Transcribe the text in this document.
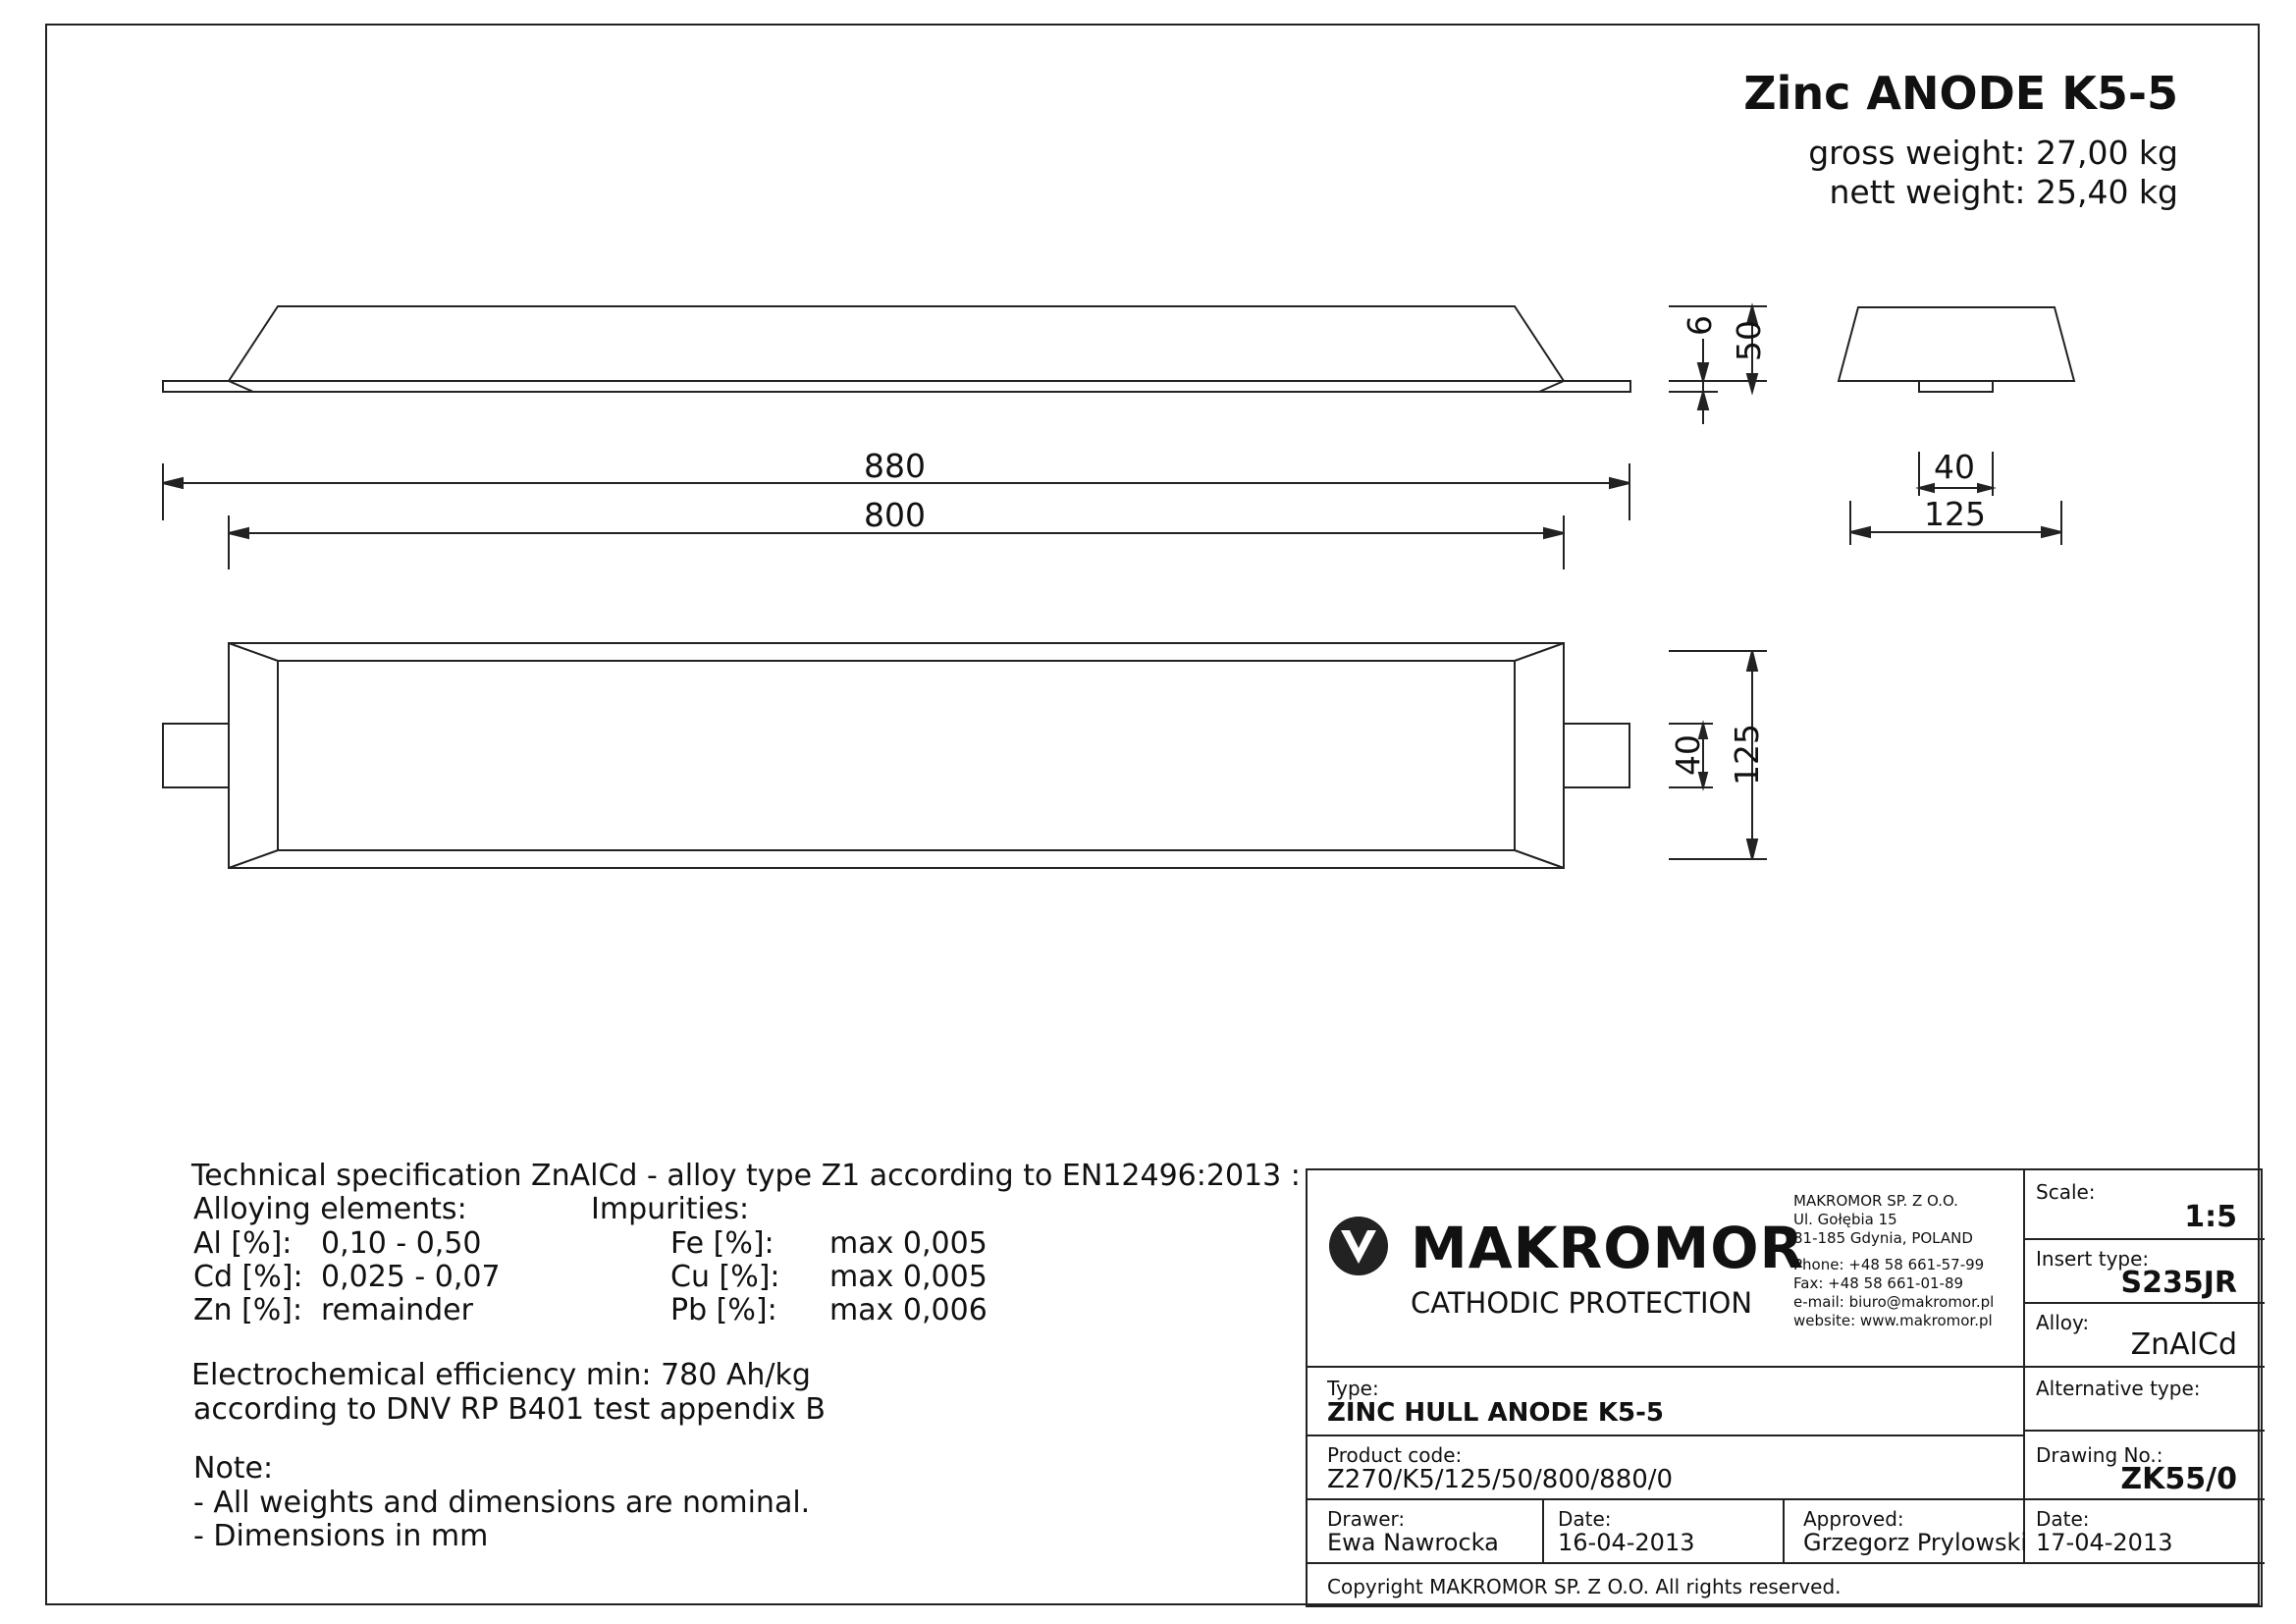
Zinc ANODE K5-5
gross weight: 27,00 kg
nett weight: 25,40 kg
880
800
6 50
40
125
40 125
Technical specification ZnAlCd - alloy type Z1 according to EN12496:2013 :
Alloying elements:	Impurities:
Al [%]: 0,10 - 0,50
Cd [%]: 0,025 - 0,07
Zn [%]: remainder
Fe [%]: max 0,005
Cu [%]: max 0,005
Pb [%]: max 0,006
Electrochemical efficiency min: 780 Ah/kg
according to DNV RP B401 test appendix B
Note:
- All weights and dimensions are nominal.
- Dimensions in mm
MAKROMOR
CATHODIC PROTECTION
MAKROMOR SP. Z O.O.
Ul. Gołębia 15
81-185 Gdynia, POLAND
Phone: +48 58 661-57-99
Fax: +48 58 661-01-89
e-mail: biuro@makromor.pl
website: www.makromor.pl
Scale:
1:5
Insert type:
S235JR
Alloy:
ZnAlCd
Type:
ZINC HULL ANODE K5-5
Alternative type:
Product code:
Z270/K5/125/50/800/880/0
Drawing No.:
ZK55/0
Drawer:
Ewa Nawrocka
Date:
16-04-2013
Approved:
Grzegorz Prylowski
Date:
17-04-2013
Copyright MAKROMOR SP. Z O.O. All rights reserved.
